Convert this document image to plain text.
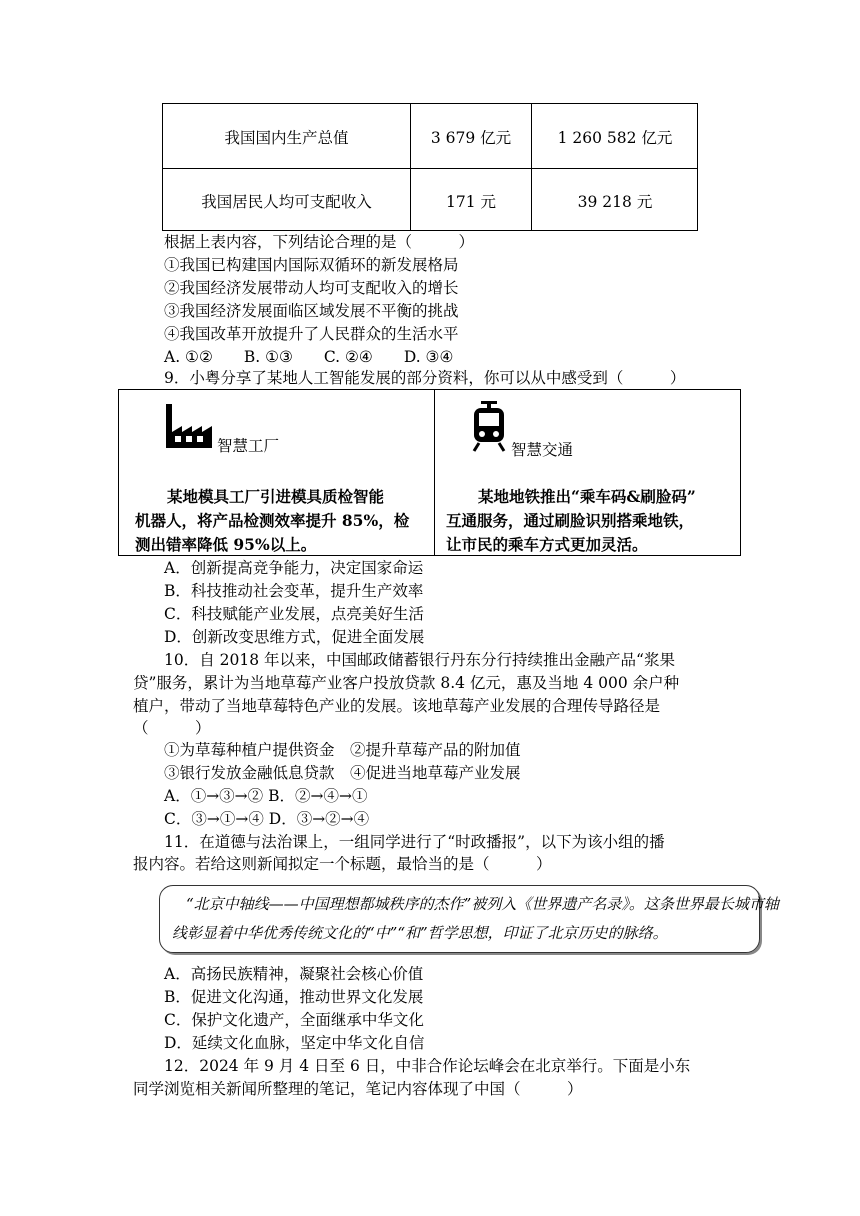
我国国内生产总值	3 679 亿元	1 260 582 亿元
我国居民人均可支配收入	171 元	39 218 元
根据上表内容，下列结论合理的是（　　　）
①我国已构建国内国际双循环的新发展格局
②我国经济发展带动人均可支配收入的增长
③我国经济发展面临区域发展不平衡的挑战
④我国改革开放提升了人民群众的生活水平
A. ①②　　B. ①③　　C. ②④　　D. ③④
9．小粤分享了某地人工智能发展的部分资料，你可以从中感受到（　　　）
智慧工厂
某地模具工厂引进模具质检智能
机器人，将产品检测效率提升 85%，检
测出错率降低 95%以上。
智慧交通
某地地铁推出“乘车码&刷脸码”
互通服务，通过刷脸识别搭乘地铁，
让市民的乘车方式更加灵活。
A．创新提高竞争能力，决定国家命运
B．科技推动社会变革，提升生产效率
C．科技赋能产业发展，点亮美好生活
D．创新改变思维方式，促进全面发展
10．自 2018 年以来，中国邮政储蓄银行丹东分行持续推出金融产品“浆果
贷”服务，累计为当地草莓产业客户投放贷款 8.4 亿元，惠及当地 4 000 余户种
植户，带动了当地草莓特色产业的发展。该地草莓产业发展的合理传导路径是
（　　　）
①为草莓种植户提供资金　②提升草莓产品的附加值
③银行发放金融低息贷款　④促进当地草莓产业发展
A．①→③→② B．②→④→①
C．③→①→④ D．③→②→④
11．在道德与法治课上，一组同学进行了“时政播报”，以下为该小组的播
报内容。若给这则新闻拟定一个标题，最恰当的是（　　　）
“北京中轴线——中国理想都城秩序的杰作”被列入《世界遗产名录》。这条世界最长城市轴
线彰显着中华优秀传统文化的“中”“和”哲学思想，印证了北京历史的脉络。
A．高扬民族精神，凝聚社会核心价值
B．促进文化沟通，推动世界文化发展
C．保护文化遗产，全面继承中华文化
D．延续文化血脉，坚定中华文化自信
12．2024 年 9 月 4 日至 6 日，中非合作论坛峰会在北京举行。下面是小东
同学浏览相关新闻所整理的笔记，笔记内容体现了中国（　　　）
